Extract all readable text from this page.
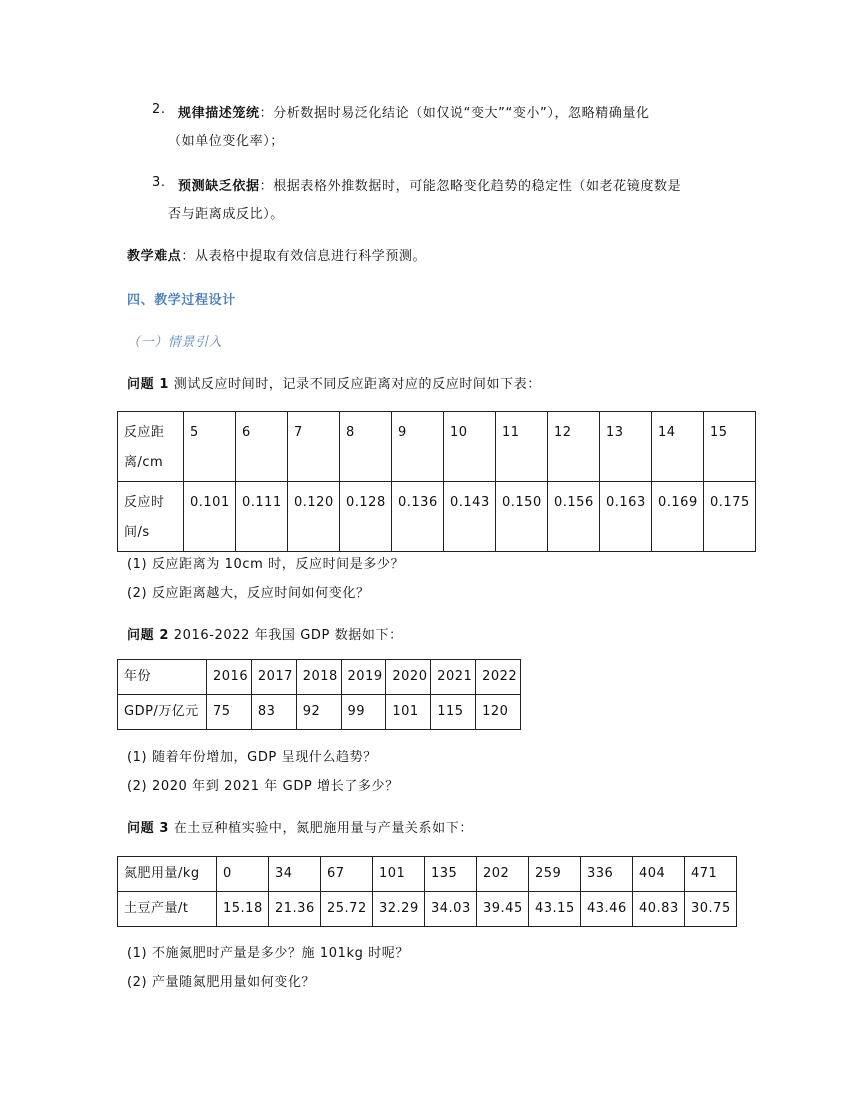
2. 规律描述笼统：分析数据时易泛化结论（如仅说“变大”“变小”），忽略精确量化
（如单位变化率）；
3. 预测缺乏依据：根据表格外推数据时，可能忽略变化趋势的稳定性（如老花镜度数是
否与距离成反比）。
教学难点：从表格中提取有效信息进行科学预测。
四、教学过程设计
（一）情景引入
问题 1 测试反应时间时，记录不同反应距离对应的反应时间如下表：
反应距
离/cm	5	6	7	8	9	10	11	12	13	14	15
反应时
间/s	0.101	0.111	0.120	0.128	0.136	0.143	0.150	0.156	0.163	0.169	0.175
(1) 反应距离为 10cm 时，反应时间是多少？
(2) 反应距离越大，反应时间如何变化？
问题 2 2016-2022 年我国 GDP 数据如下：
年份	2016	2017	2018	2019	2020	2021	2022
GDP/万亿元	75	83	92	99	101	115	120
(1) 随着年份增加，GDP 呈现什么趋势？
(2) 2020 年到 2021 年 GDP 增长了多少？
问题 3 在土豆种植实验中，氮肥施用量与产量关系如下：
氮肥用量/kg	0	34	67	101	135	202	259	336	404	471
土豆产量/t	15.18	21.36	25.72	32.29	34.03	39.45	43.15	43.46	40.83	30.75
(1) 不施氮肥时产量是多少？施 101kg 时呢？
(2) 产量随氮肥用量如何变化？
